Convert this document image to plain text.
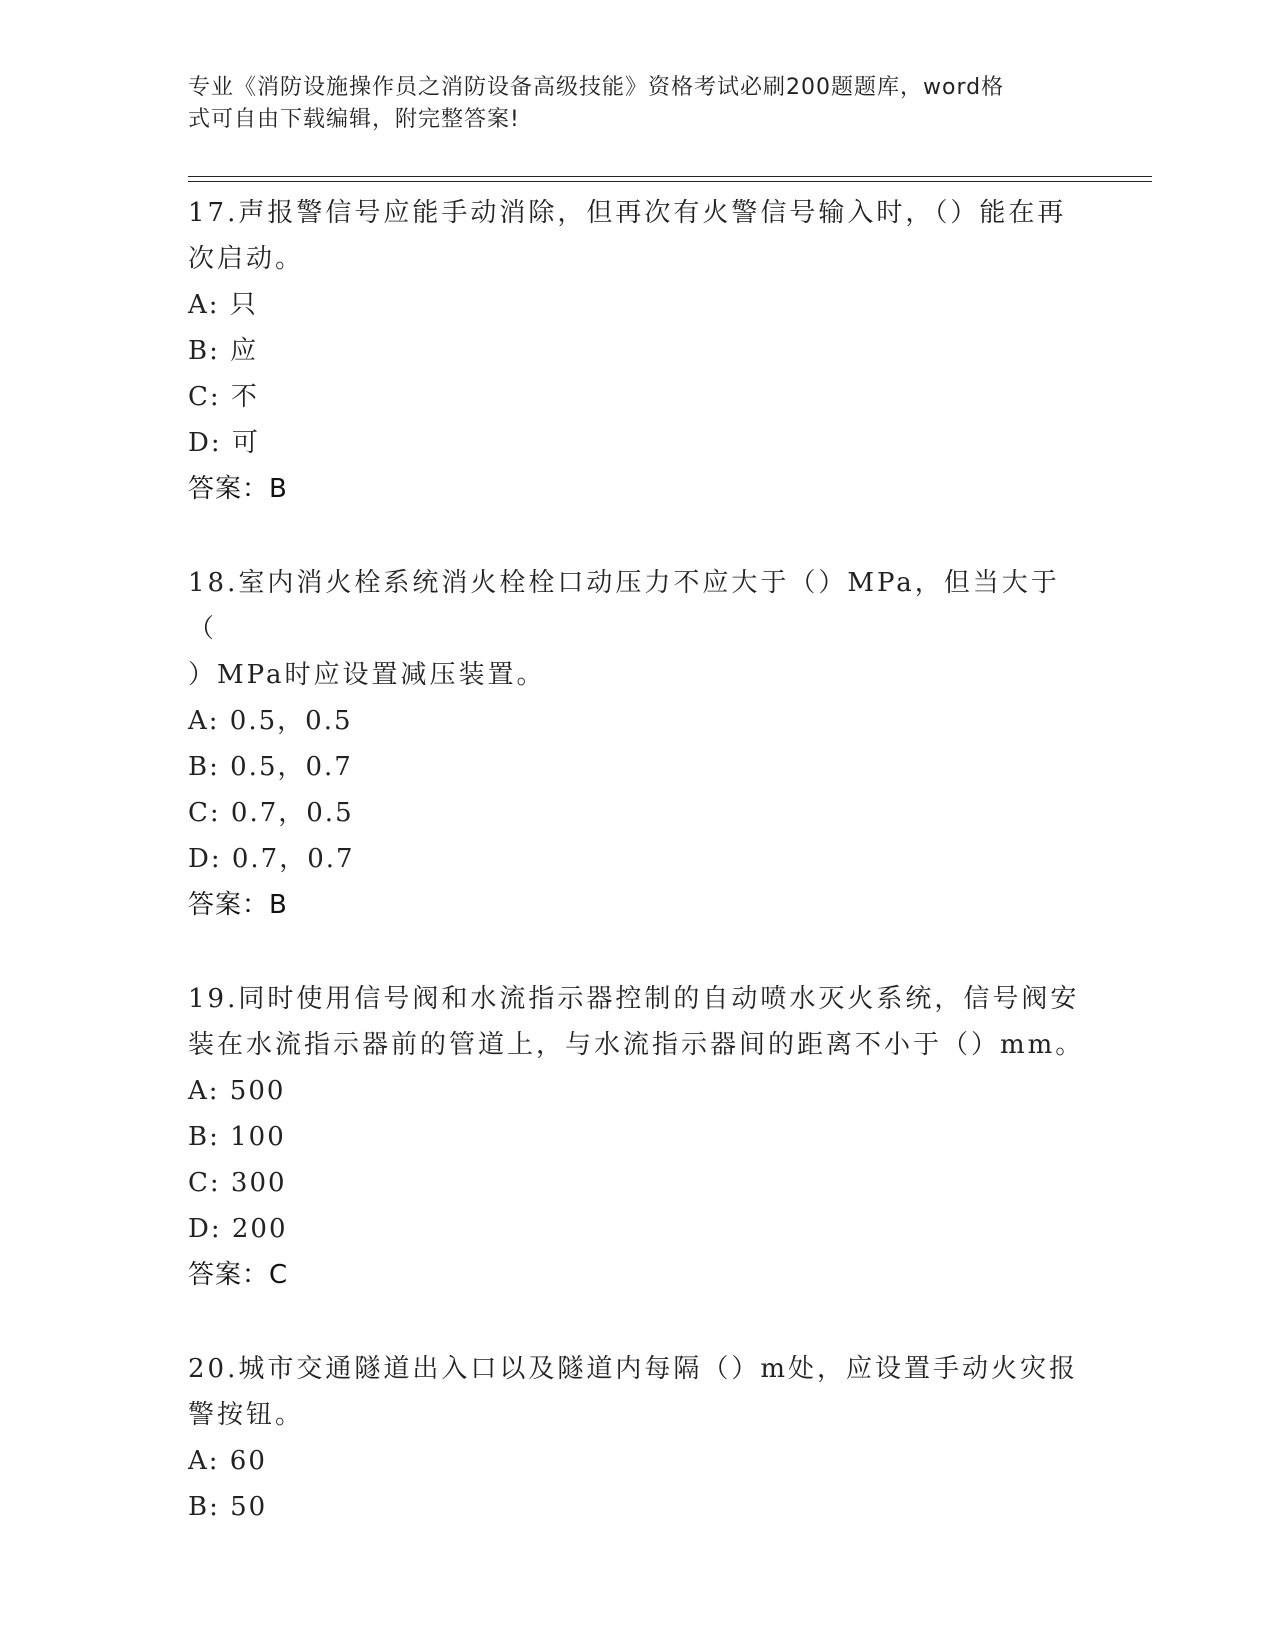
专业《消防设施操作员之消防设备高级技能》资格考试必刷200题题库，word格
式可自由下载编辑，附完整答案!

17.声报警信号应能手动消除，但再次有火警信号输入时，（）能在再
次启动。

A: 只
B: 应
C: 不
D: 可
答案：B

18.室内消火栓系统消火栓栓口动压力不应大于（）MPa，但当大于（
）MPa时应设置减压装置。

A: 0.5，0.5
B: 0.5，0.7
C: 0.7，0.5
D: 0.7，0.7
答案：B

19.同时使用信号阀和水流指示器控制的自动喷水灭火系统，信号阀安
装在水流指示器前的管道上，与水流指示器间的距离不小于（）mm。

A: 500
B: 100
C: 300
D: 200
答案：C

20.城市交通隧道出入口以及隧道内每隔（）m处，应设置手动火灾报
警按钮。

A: 60
B: 50
